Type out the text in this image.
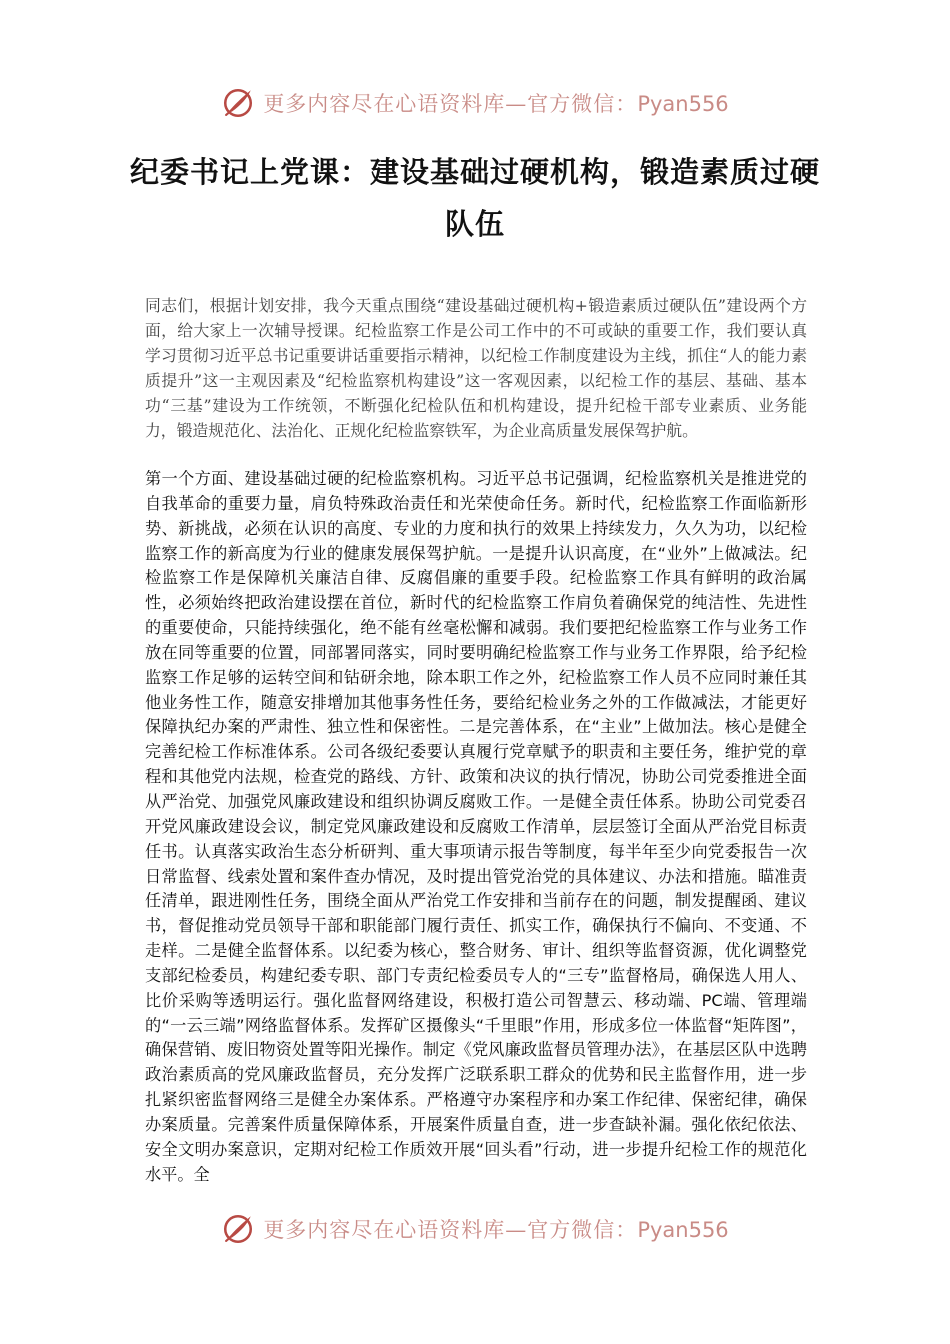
更多内容尽在心语资料库—官方微信：Pyan556
纪委书记上党课：建设基础过硬机构，锻造素质过硬队伍

同志们，根据计划安排，我今天重点围绕“建设基础过硬机构+锻造素质过硬队伍”建设两个方面，给大家上一次辅导授课。纪检监察工作是公司工作中的不可或缺的重要工作，我们要认真学习贯彻习近平总书记重要讲话重要指示精神，以纪检工作制度建设为主线，抓住“人的能力素质提升”这一主观因素及“纪检监察机构建设”这一客观因素，以纪检工作的基层、基础、基本功“三基”建设为工作统领，不断强化纪检队伍和机构建设，提升纪检干部专业素质、业务能力，锻造规范化、法治化、正规化纪检监察铁军，为企业高质量发展保驾护航。

第一个方面、建设基础过硬的纪检监察机构。习近平总书记强调，纪检监察机关是推进党的自我革命的重要力量，肩负特殊政治责任和光荣使命任务。新时代，纪检监察工作面临新形势、新挑战，必须在认识的高度、专业的力度和执行的效果上持续发力，久久为功，以纪检监察工作的新高度为行业的健康发展保驾护航。一是提升认识高度，在“业外”上做减法。纪检监察工作是保障机关廉洁自律、反腐倡廉的重要手段。纪检监察工作具有鲜明的政治属性，必须始终把政治建设摆在首位，新时代的纪检监察工作肩负着确保党的纯洁性、先进性的重要使命，只能持续强化，绝不能有丝毫松懈和减弱。我们要把纪检监察工作与业务工作放在同等重要的位置，同部署同落实，同时要明确纪检监察工作与业务工作界限，给予纪检监察工作足够的运转空间和钻研余地，除本职工作之外，纪检监察工作人员不应同时兼任其他业务性工作，随意安排增加其他事务性任务，要给纪检业务之外的工作做减法，才能更好保障执纪办案的严肃性、独立性和保密性。二是完善体系，在“主业”上做加法。核心是健全完善纪检工作标准体系。公司各级纪委要认真履行党章赋予的职责和主要任务，维护党的章程和其他党内法规，检查党的路线、方针、政策和决议的执行情况，协助公司党委推进全面从严治党、加强党风廉政建设和组织协调反腐败工作。一是健全责任体系。协助公司党委召开党风廉政建设会议，制定党风廉政建设和反腐败工作清单，层层签订全面从严治党目标责任书。认真落实政治生态分析研判、重大事项请示报告等制度，每半年至少向党委报告一次日常监督、线索处置和案件查办情况，及时提出管党治党的具体建议、办法和措施。瞄准责任清单，跟进刚性任务，围绕全面从严治党工作安排和当前存在的问题，制发提醒函、建议书，督促推动党员领导干部和职能部门履行责任、抓实工作，确保执行不偏向、不变通、不走样。二是健全监督体系。以纪委为核心，整合财务、审计、组织等监督资源，优化调整党支部纪检委员，构建纪委专职、部门专责纪检委员专人的“三专”监督格局，确保选人用人、比价采购等透明运行。强化监督网络建设，积极打造公司智慧云、移动端、PC端、管理端的“一云三端”网络监督体系。发挥矿区摄像头“千里眼”作用，形成多位一体监督“矩阵图”，确保营销、废旧物资处置等阳光操作。制定《党风廉政监督员管理办法》，在基层区队中选聘政治素质高的党风廉政监督员，充分发挥广泛联系职工群众的优势和民主监督作用，进一步扎紧织密监督网络三是健全办案体系。严格遵守办案程序和办案工作纪律、保密纪律，确保办案质量。完善案件质量保障体系，开展案件质量自查，进一步查缺补漏。强化依纪依法、安全文明办案意识，定期对纪检工作质效开展“回头看”行动，进一步提升纪检工作的规范化水平。全

更多内容尽在心语资料库—官方微信：Pyan556
